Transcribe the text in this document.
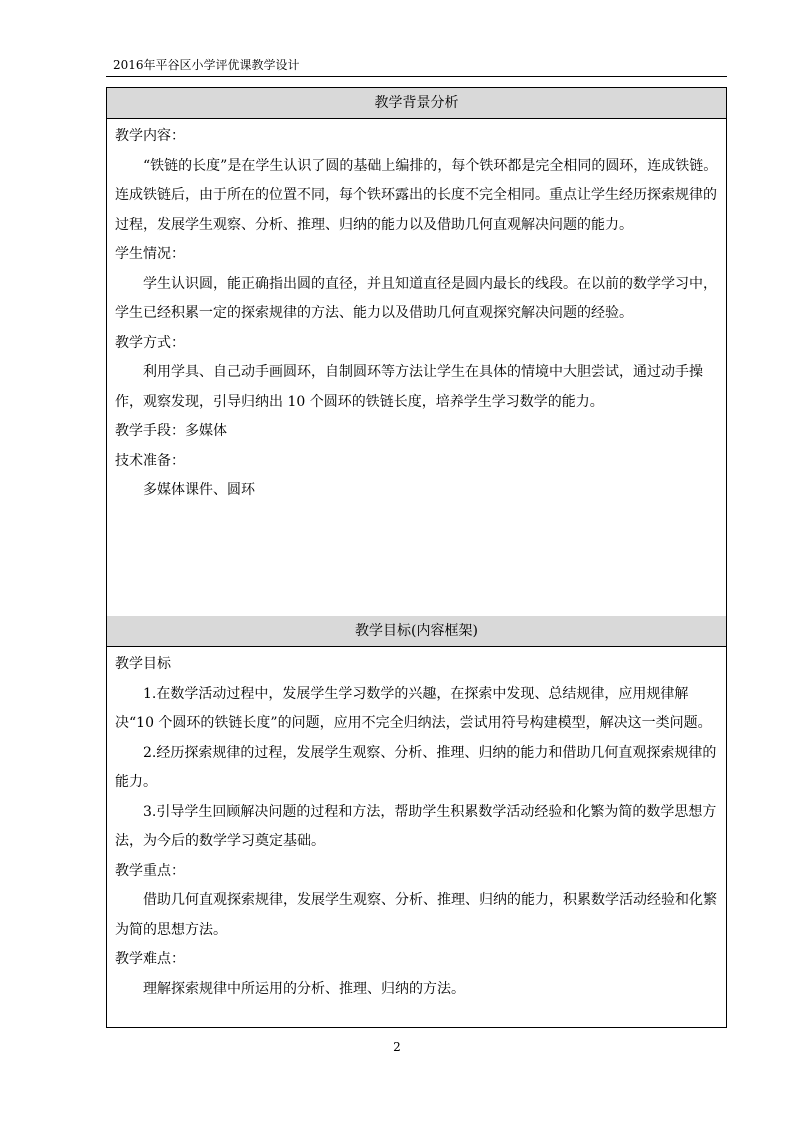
2016年平谷区小学评优课教学设计
教学背景分析
教学内容：

“铁链的长度”是在学生认识了圆的基础上编排的，每个铁环都是完全相同的圆环，连成铁链。连成铁链后，由于所在的位置不同，每个铁环露出的长度不完全相同。重点让学生经历探索规律的过程，发展学生观察、分析、推理、归纳的能力以及借助几何直观解决问题的能力。

学生情况：

学生认识圆，能正确指出圆的直径，并且知道直径是圆内最长的线段。在以前的数学学习中，学生已经积累一定的探索规律的方法、能力以及借助几何直观探究解决问题的经验。

教学方式：

利用学具、自己动手画圆环，自制圆环等方法让学生在具体的情境中大胆尝试，通过动手操作，观察发现，引导归纳出 10 个圆环的铁链长度，培养学生学习数学的能力。

教学手段：多媒体
技术准备：

多媒体课件、圆环

教学目标(内容框架)
教学目标

1.在数学活动过程中，发展学生学习数学的兴趣，在探索中发现、总结规律，应用规律解决“10 个圆环的铁链长度”的问题，应用不完全归纳法，尝试用符号构建模型，解决这一类问题。

2.经历探索规律的过程，发展学生观察、分析、推理、归纳的能力和借助几何直观探索规律的能力。

3.引导学生回顾解决问题的过程和方法，帮助学生积累数学活动经验和化繁为简的数学思想方法，为今后的数学学习奠定基础。

教学重点：

借助几何直观探索规律，发展学生观察、分析、推理、归纳的能力，积累数学活动经验和化繁为简的思想方法。

教学难点：

理解探索规律中所运用的分析、推理、归纳的方法。

2
